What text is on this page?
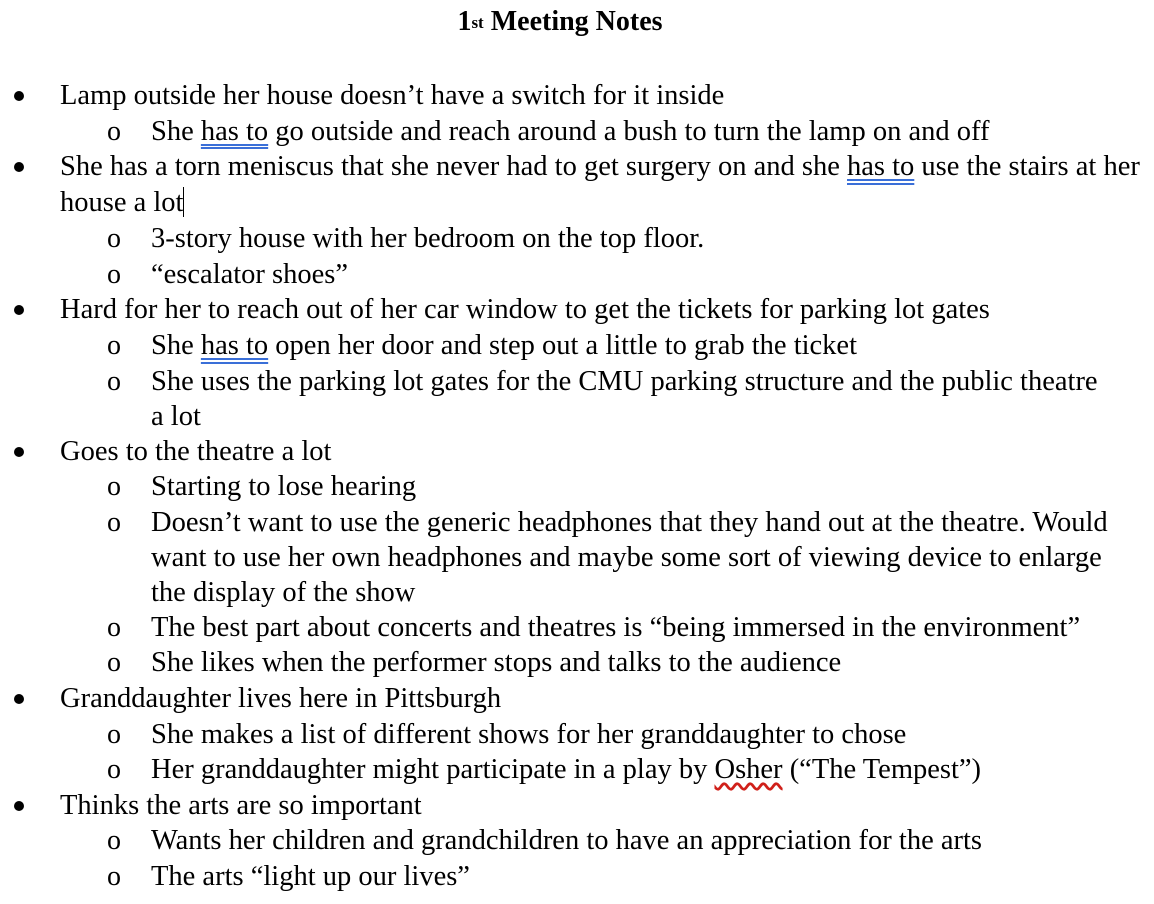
1st Meeting Notes
Lamp outside her house doesn’t have a switch for it inside
o She has to go outside and reach around a bush to turn the lamp on and off
She has a torn meniscus that she never had to get surgery on and she has to use the stairs at her house a lot
o 3-story house with her bedroom on the top floor.
o “escalator shoes”
Hard for her to reach out of her car window to get the tickets for parking lot gates
o She has to open her door and step out a little to grab the ticket
o She uses the parking lot gates for the CMU parking structure and the public theatre a lot
Goes to the theatre a lot
o Starting to lose hearing
o Doesn’t want to use the generic headphones that they hand out at the theatre. Would want to use her own headphones and maybe some sort of viewing device to enlarge the display of the show
o The best part about concerts and theatres is “being immersed in the environment”
o She likes when the performer stops and talks to the audience
Granddaughter lives here in Pittsburgh
o She makes a list of different shows for her granddaughter to chose
o Her granddaughter might participate in a play by Osher (“The Tempest”)
Thinks the arts are so important
o Wants her children and grandchildren to have an appreciation for the arts
o The arts “light up our lives”
